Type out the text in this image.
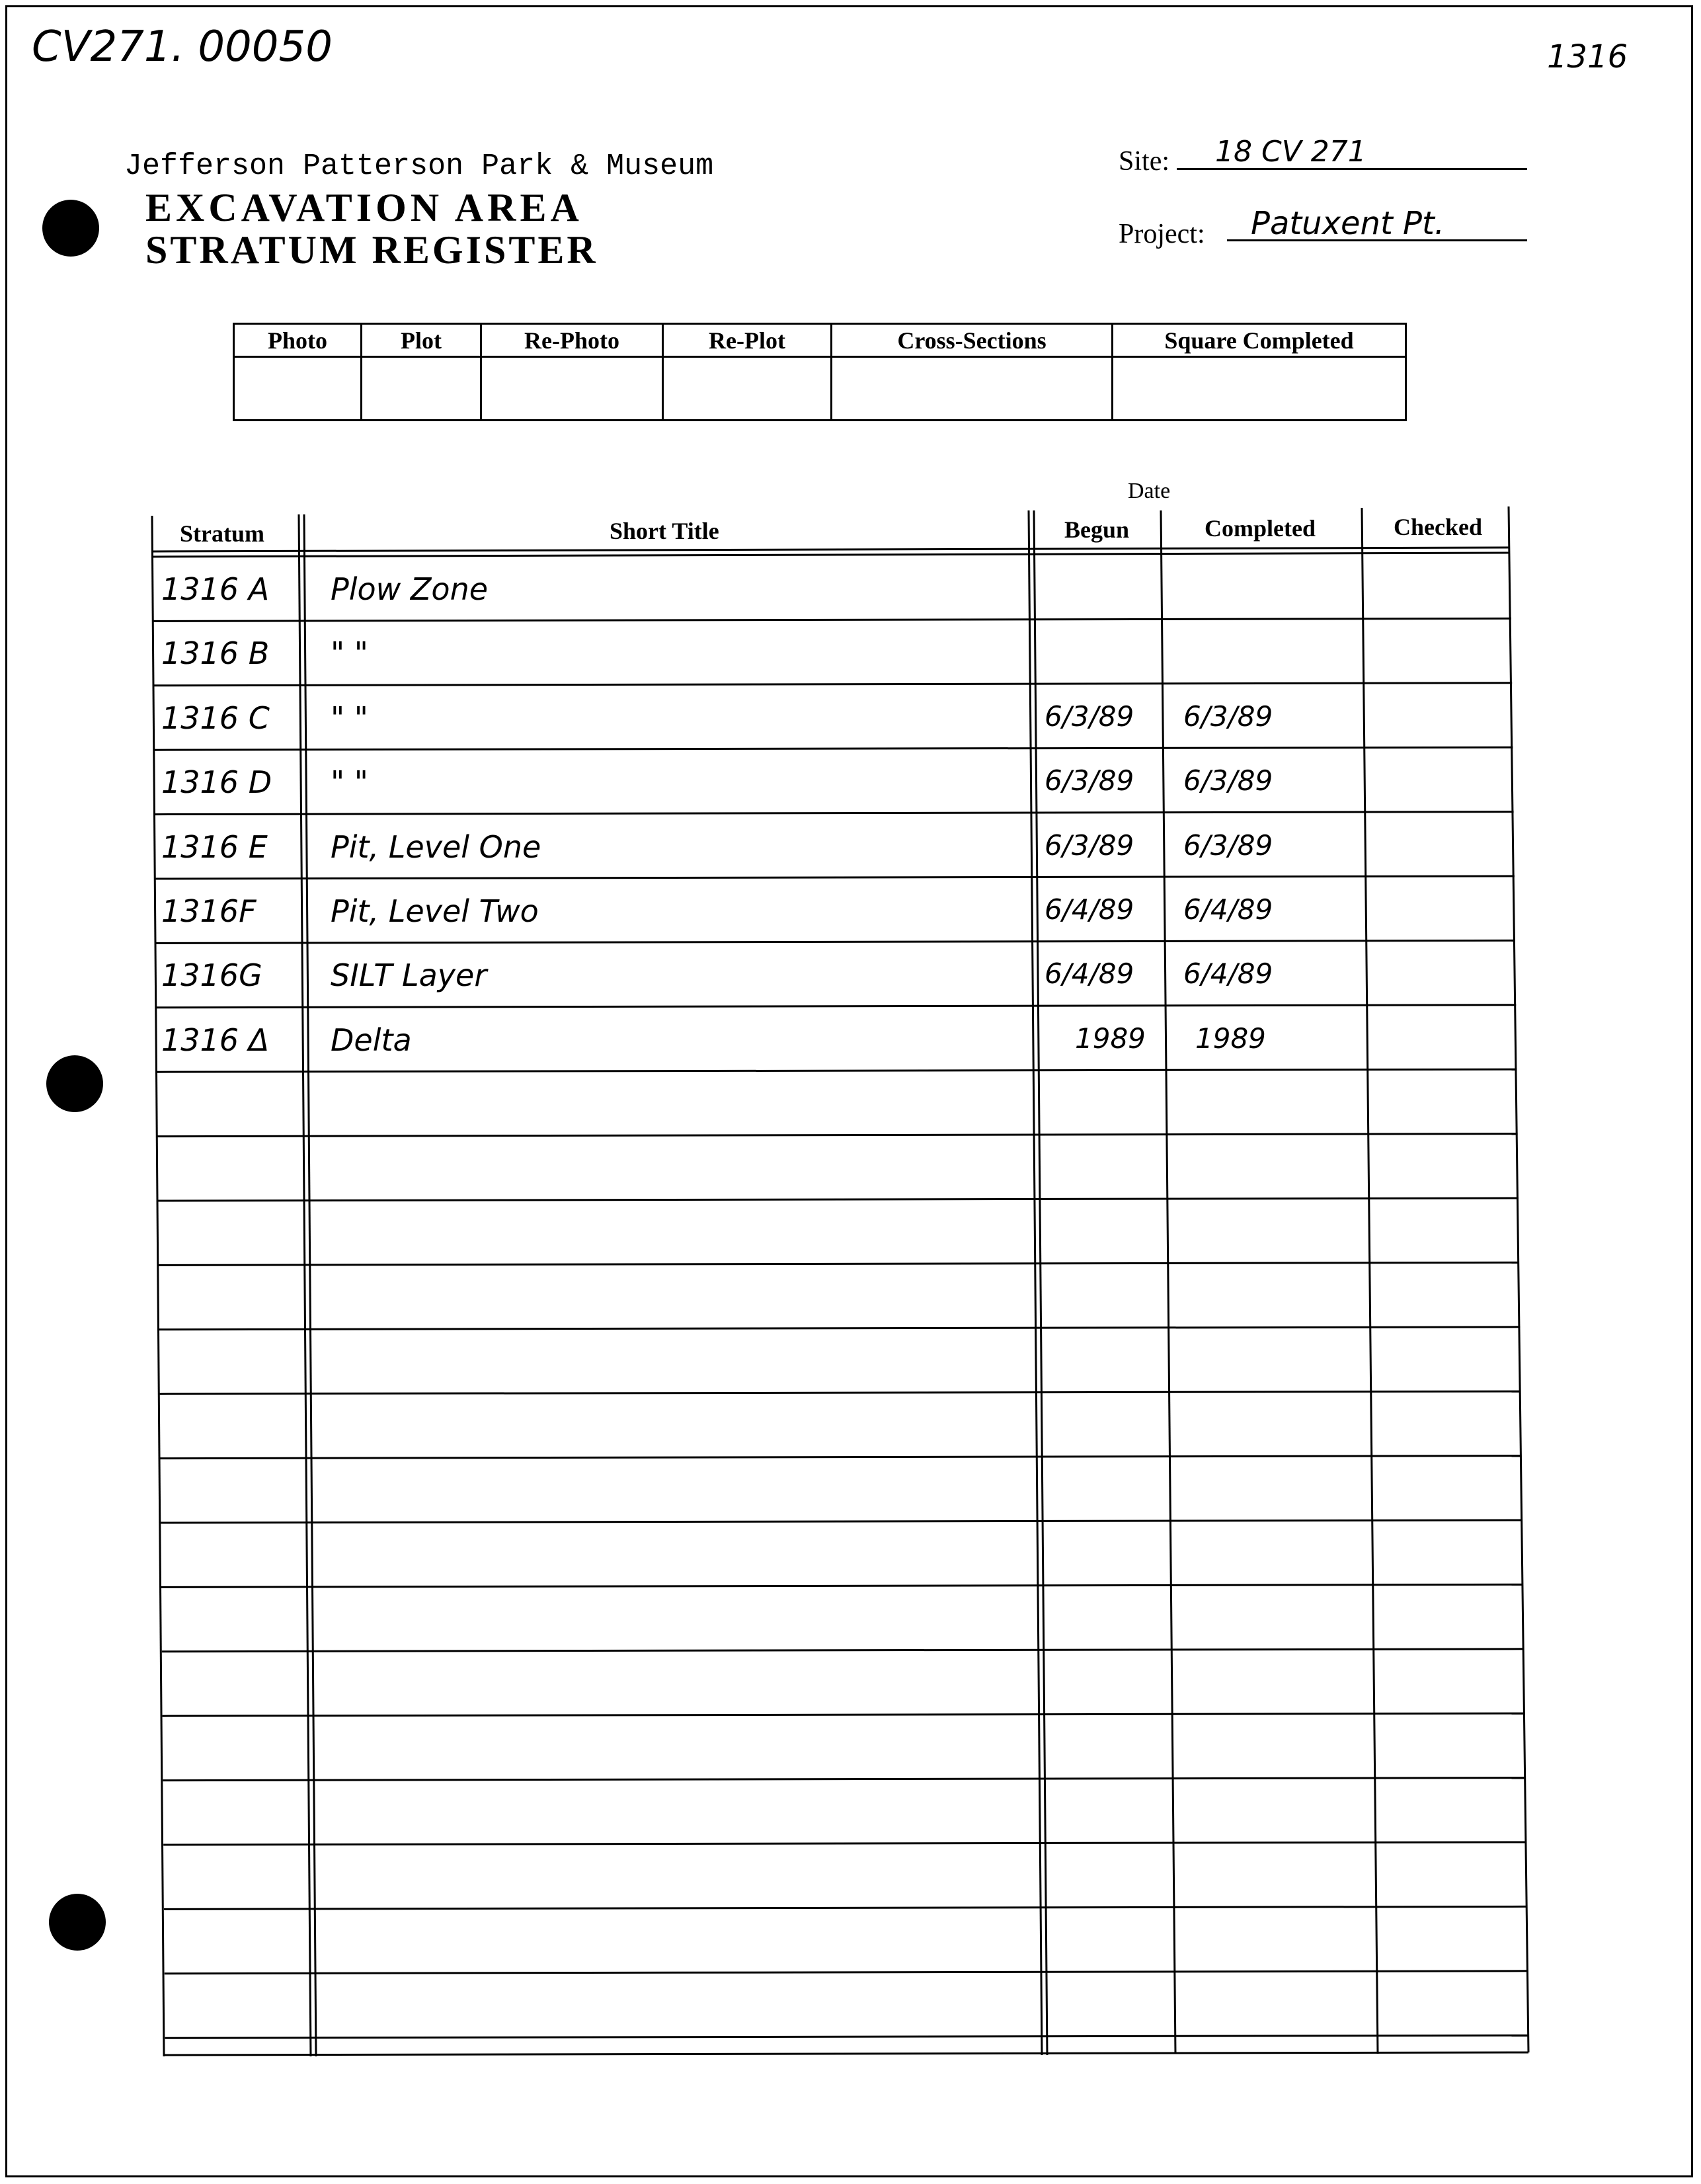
CV271. 00050	1316
Jefferson Patterson Park & Museum
EXCAVATION AREA
STRATUM REGISTER
Site: 18 CV 271
Project: Patuxent Pt.
Photo	Plot	Re-Photo	Re-Plot	Cross-Sections	Square Completed

Date
Stratum	Short Title	Begun	Completed	Checked
1316 A Plow Zone
1316 B " "
1316 C " "	6/3/89 6/3/89
1316 D " "	6/3/89 6/3/89
1316 E Pit, Level One	6/3/89 6/3/89
1316F Pit, Level Two	6/4/89 6/4/89
1316G SILT Layer	6/4/89 6/4/89
1316 Δ Delta	1989 1989
